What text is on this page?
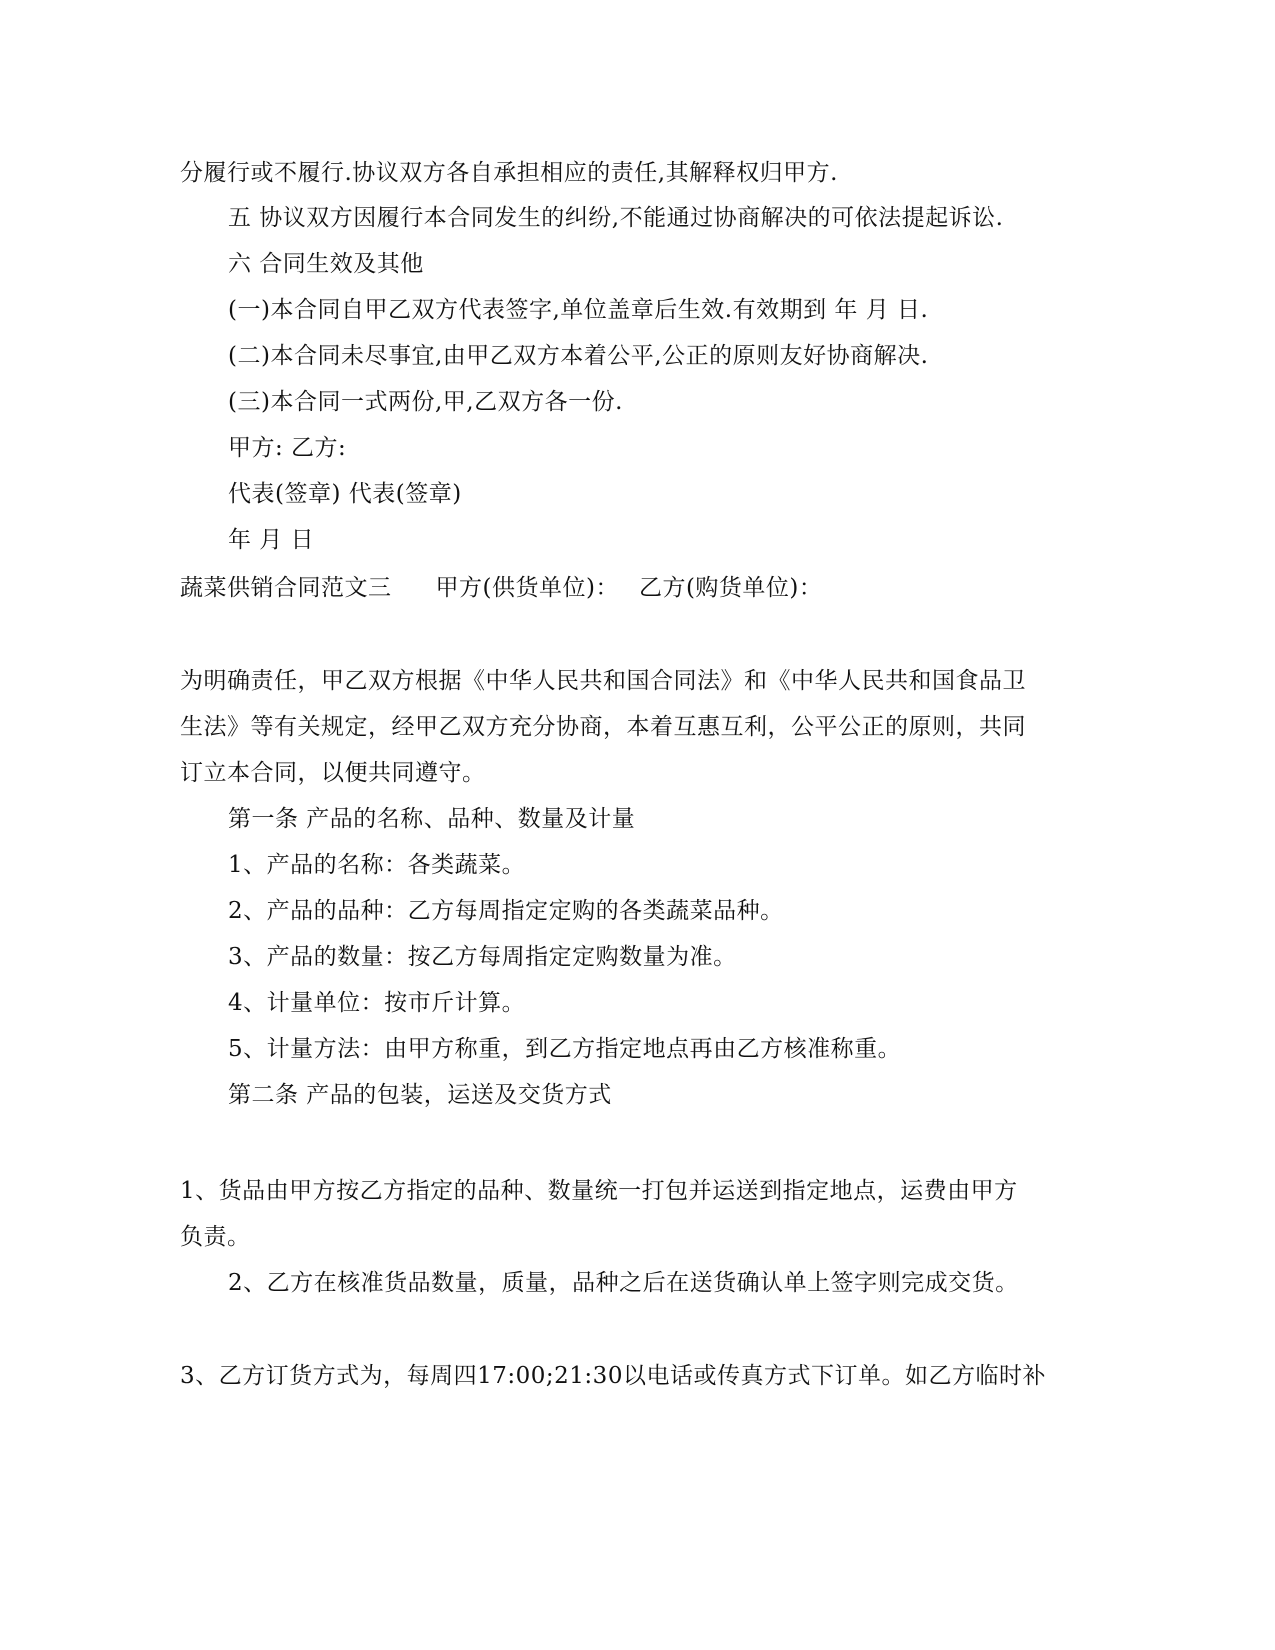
分履行或不履行.协议双方各自承担相应的责任,其解释权归甲方.
五 协议双方因履行本合同发生的纠纷,不能通过协商解决的可依法提起诉讼.
六 合同生效及其他
(一)本合同自甲乙双方代表签字,单位盖章后生效.有效期到 年 月 日.
(二)本合同未尽事宜,由甲乙双方本着公平,公正的原则友好协商解决.
(三)本合同一式两份,甲,乙双方各一份.
甲方: 乙方:
代表(签章) 代表(签章)
年 月 日
蔬菜供销合同范文三 甲方(供货单位)： 乙方(购货单位)：
为明确责任，甲乙双方根据《中华人民共和国合同法》和《中华人民共和国食品卫
生法》等有关规定，经甲乙双方充分协商，本着互惠互利，公平公正的原则，共同
订立本合同，以便共同遵守。
第一条 产品的名称、品种、数量及计量
1、产品的名称：各类蔬菜。
2、产品的品种：乙方每周指定定购的各类蔬菜品种。
3、产品的数量：按乙方每周指定定购数量为准。
4、计量单位：按市斤计算。
5、计量方法：由甲方称重，到乙方指定地点再由乙方核准称重。
第二条 产品的包装，运送及交货方式
1、货品由甲方按乙方指定的品种、数量统一打包并运送到指定地点，运费由甲方
负责。
2、乙方在核准货品数量，质量，品种之后在送货确认单上签字则完成交货。
3、乙方订货方式为，每周四17:00;21:30以电话或传真方式下订单。如乙方临时补
